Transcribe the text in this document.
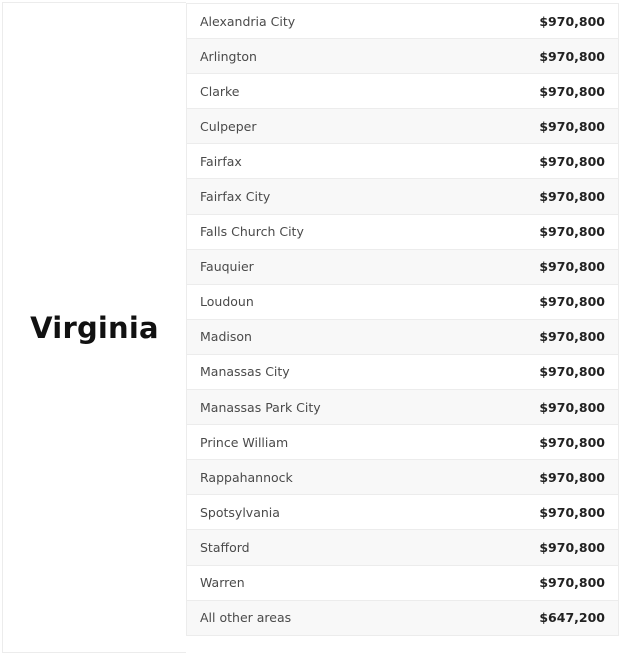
Virginia
Alexandria City	$970,800
Arlington	$970,800
Clarke	$970,800
Culpeper	$970,800
Fairfax	$970,800
Fairfax City	$970,800
Falls Church City	$970,800
Fauquier	$970,800
Loudoun	$970,800
Madison	$970,800
Manassas City	$970,800
Manassas Park City	$970,800
Prince William	$970,800
Rappahannock	$970,800
Spotsylvania	$970,800
Stafford	$970,800
Warren	$970,800
All other areas	$647,200
